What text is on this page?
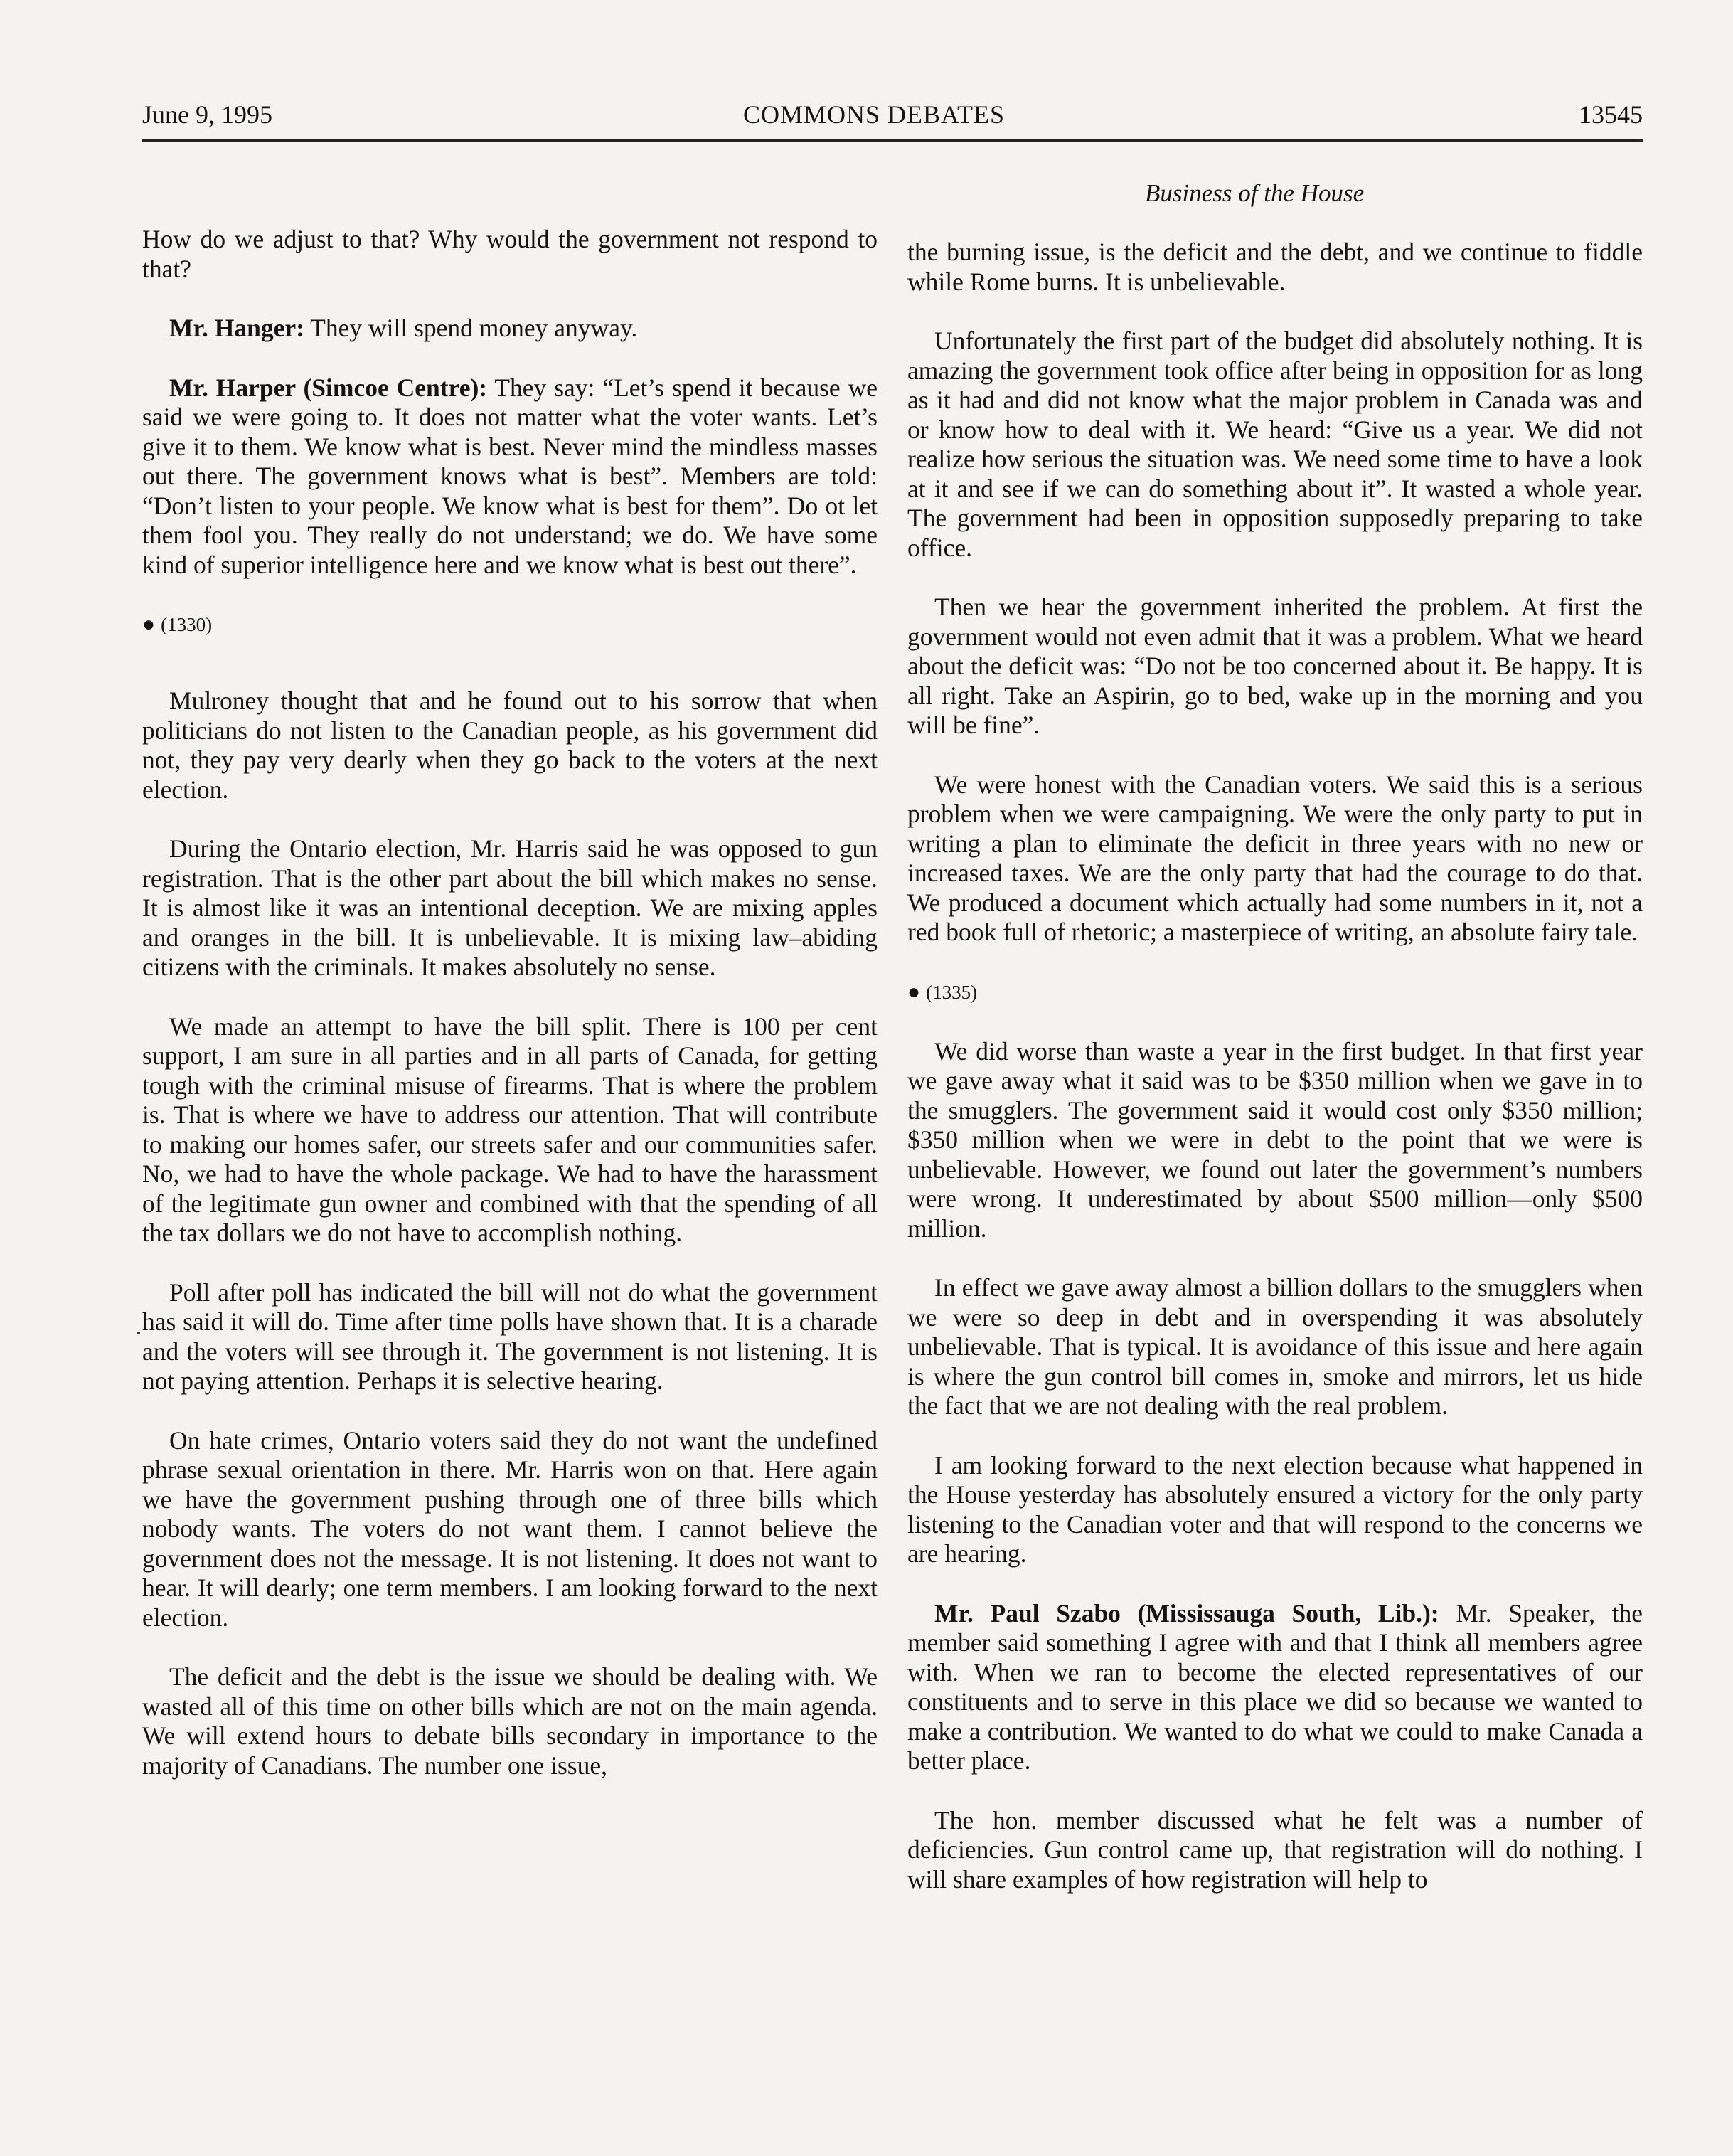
June 9, 1995	COMMONS DEBATES	13545
Business of the House

How do we adjust to that? Why would the government not respond to that?

Mr. Hanger: They will spend money anyway.

Mr. Harper (Simcoe Centre): They say: “Let’s spend it because we said we were going to. It does not matter what the voter wants. Let’s give it to them. We know what is best. Never mind the mindless masses out there. The government knows what is best”. Members are told: “Don’t listen to your people. We know what is best for them”. Do ot let them fool you. They really do not understand; we do. We have some kind of superior intelligence here and we know what is best out there”.

● (1330)

Mulroney thought that and he found out to his sorrow that when politicians do not listen to the Canadian people, as his government did not, they pay very dearly when they go back to the voters at the next election.

During the Ontario election, Mr. Harris said he was opposed to gun registration. That is the other part about the bill which makes no sense. It is almost like it was an intentional deception. We are mixing apples and oranges in the bill. It is unbelievable. It is mixing law–abiding citizens with the criminals. It makes absolutely no sense.

We made an attempt to have the bill split. There is 100 per cent support, I am sure in all parties and in all parts of Canada, for getting tough with the criminal misuse of firearms. That is where the problem is. That is where we have to address our attention. That will contribute to making our homes safer, our streets safer and our communities safer. No, we had to have the whole package. We had to have the harassment of the legitimate gun owner and combined with that the spending of all the tax dollars we do not have to accomplish nothing.

Poll after poll has indicated the bill will not do what the government has said it will do. Time after time polls have shown that. It is a charade and the voters will see through it. The government is not listening. It is not paying attention. Perhaps it is selective hearing.

On hate crimes, Ontario voters said they do not want the undefined phrase sexual orientation in there. Mr. Harris won on that. Here again we have the government pushing through one of three bills which nobody wants. The voters do not want them. I cannot believe the government does not the message. It is not listening. It does not want to hear. It will dearly; one term members. I am looking forward to the next election.

The deficit and the debt is the issue we should be dealing with. We wasted all of this time on other bills which are not on the main agenda. We will extend hours to debate bills secondary in importance to the majority of Canadians. The number one issue,

the burning issue, is the deficit and the debt, and we continue to fiddle while Rome burns. It is unbelievable.

Unfortunately the first part of the budget did absolutely nothing. It is amazing the government took office after being in opposition for as long as it had and did not know what the major problem in Canada was and or know how to deal with it. We heard: “Give us a year. We did not realize how serious the situation was. We need some time to have a look at it and see if we can do something about it”. It wasted a whole year. The government had been in opposition supposedly preparing to take office.

Then we hear the government inherited the problem. At first the government would not even admit that it was a problem. What we heard about the deficit was: “Do not be too concerned about it. Be happy. It is all right. Take an Aspirin, go to bed, wake up in the morning and you will be fine”.

We were honest with the Canadian voters. We said this is a serious problem when we were campaigning. We were the only party to put in writing a plan to eliminate the deficit in three years with no new or increased taxes. We are the only party that had the courage to do that. We produced a document which actually had some numbers in it, not a red book full of rhetoric; a masterpiece of writing, an absolute fairy tale.

● (1335)

We did worse than waste a year in the first budget. In that first year we gave away what it said was to be $350 million when we gave in to the smugglers. The government said it would cost only $350 million; $350 million when we were in debt to the point that we were is unbelievable. However, we found out later the government’s numbers were wrong. It underestimated by about $500 million—only $500 million.

In effect we gave away almost a billion dollars to the smugglers when we were so deep in debt and in overspending it was absolutely unbelievable. That is typical. It is avoidance of this issue and here again is where the gun control bill comes in, smoke and mirrors, let us hide the fact that we are not dealing with the real problem.

I am looking forward to the next election because what happened in the House yesterday has absolutely ensured a victory for the only party listening to the Canadian voter and that will respond to the concerns we are hearing.

Mr. Paul Szabo (Mississauga South, Lib.): Mr. Speaker, the member said something I agree with and that I think all members agree with. When we ran to become the elected representatives of our constituents and to serve in this place we did so because we wanted to make a contribution. We wanted to do what we could to make Canada a better place.

The hon. member discussed what he felt was a number of deficiencies. Gun control came up, that registration will do nothing. I will share examples of how registration will help to
